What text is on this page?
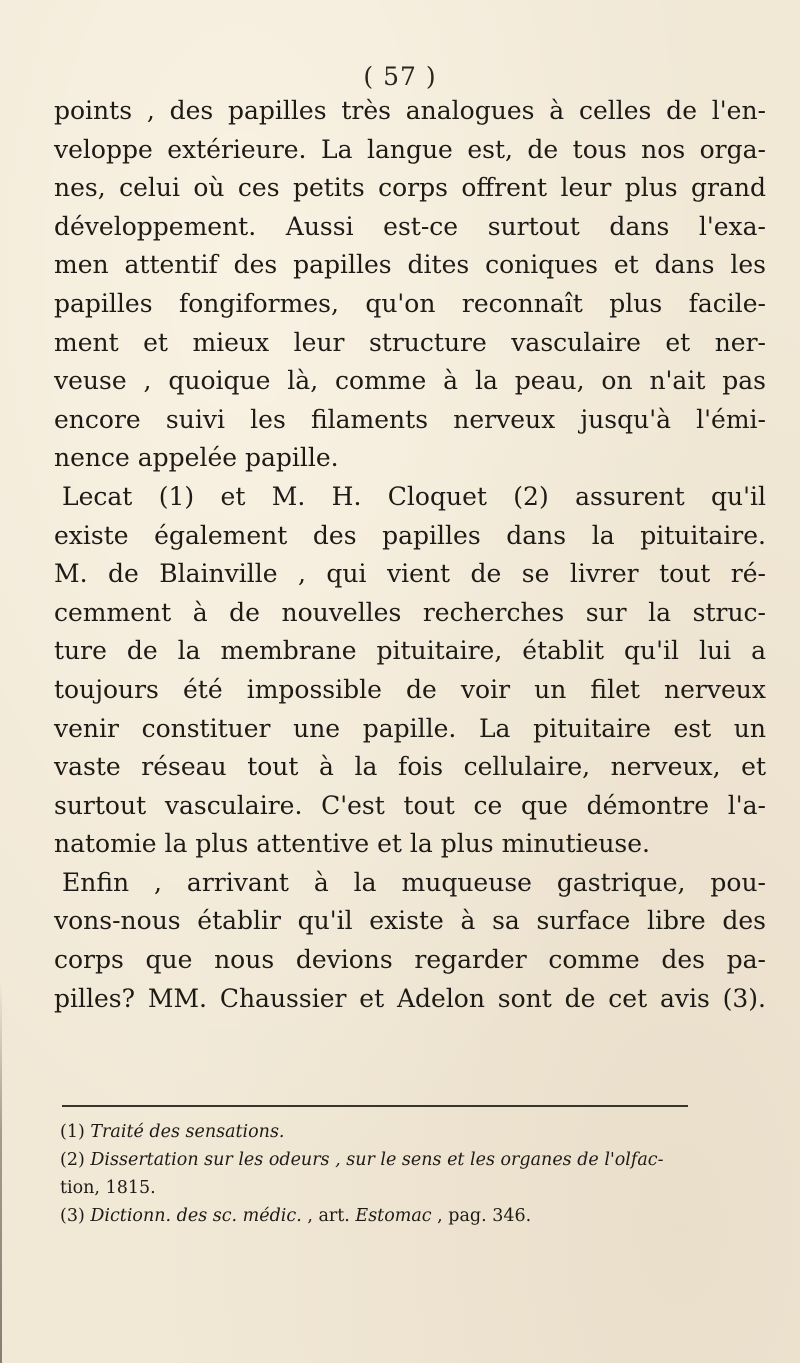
( 57 )
points , des papilles très analogues à celles de l'en-
veloppe extérieure. La langue est, de tous nos orga-
nes, celui où ces petits corps offrent leur plus grand
développement. Aussi est-ce surtout dans l'exa-
men attentif des papilles dites coniques et dans les
papilles fongiformes, qu'on reconnaît plus facile-
ment et mieux leur structure vasculaire et ner-
veuse , quoique là, comme à la peau, on n'ait pas
encore suivi les filaments nerveux jusqu'à l'émi-
nence appelée papille.
Lecat (1) et M. H. Cloquet (2) assurent qu'il
existe également des papilles dans la pituitaire.
M. de Blainville , qui vient de se livrer tout ré-
cemment à de nouvelles recherches sur la struc-
ture de la membrane pituitaire, établit qu'il lui a
toujours été impossible de voir un filet nerveux
venir constituer une papille. La pituitaire est un
vaste réseau tout à la fois cellulaire, nerveux, et
surtout vasculaire. C'est tout ce que démontre l'a-
natomie la plus attentive et la plus minutieuse.
Enfin , arrivant à la muqueuse gastrique, pou-
vons-nous établir qu'il existe à sa surface libre des
corps que nous devions regarder comme des pa-
pilles? MM. Chaussier et Adelon sont de cet avis (3).
(1) Traité des sensations.
(2) Dissertation sur les odeurs , sur le sens et les organes de l'olfac-
tion, 1815.
(3) Dictionn. des sc. médic. , art. Estomac , pag. 346.
